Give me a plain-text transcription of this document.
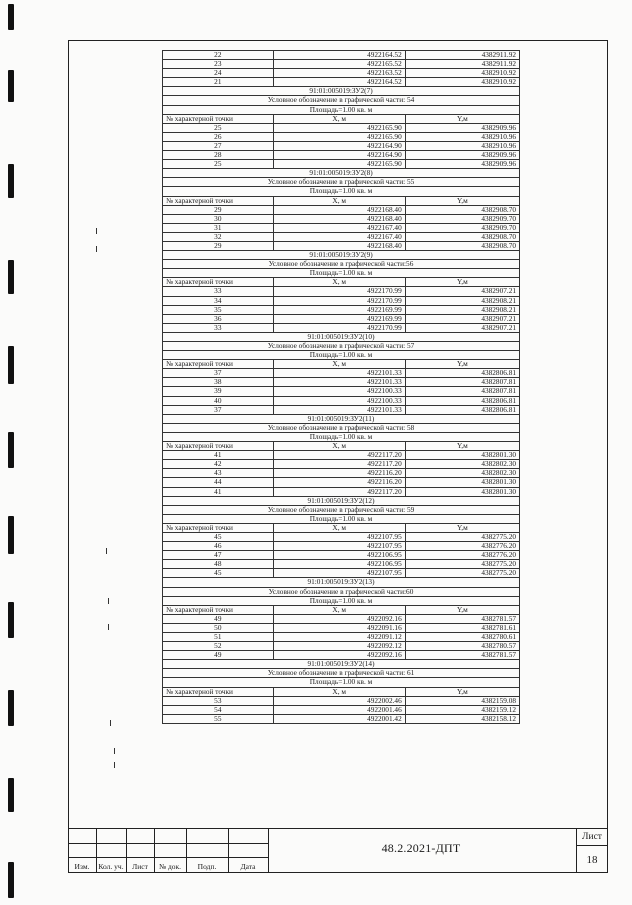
22	4922164.52	4382911.92
23	4922165.52	4382911.92
24	4922163.52	4382910.92
21	4922164.52	4382910.92
91:01:005019:ЗУ2(7)		
Условное обозначение в графической части: 54		
Площадь=1.00 кв. м		
№ характерной точки	X, м	Y,м
25	4922165.90	4382909.96
26	4922165.90	4382910.96
27	4922164.90	4382910.96
28	4922164.90	4382909.96
25	4922165.90	4382909.96
91:01:005019:ЗУ2(8)		
Условное обозначение в графической части: 55		
Площадь=1.00 кв. м		
№ характерной точки	X, м	Y,м
29	4922168.40	4382908.70
30	4922168.40	4382909.70
31	4922167.40	4382909.70
32	4922167.40	4382908.70
29	4922168.40	4382908.70
91:01:005019:ЗУ2(9)		
Условное обозначение в графической части:56		
Площадь=1.00 кв. м		
№ характерной точки	X, м	Y,м
33	4922170.99	4382907.21
34	4922170.99	4382908.21
35	4922169.99	4382908.21
36	4922169.99	4382907.21
33	4922170.99	4382907.21
91:01:005019:ЗУ2(10)		
Условное обозначение в графической части: 57		
Площадь=1.00 кв. м		
№ характерной точки	X, м	Y,м
37	4922101.33	4382806.81
38	4922101.33	4382807.81
39	4922100.33	4382807.81
40	4922100.33	4382806.81
37	4922101.33	4382806.81
91:01:005019:ЗУ2(11)		
Условное обозначение в графической части: 58		
Площадь=1.00 кв. м		
№ характерной точки	X, м	Y,м
41	4922117.20	4382801.30
42	4922117.20	4382802.30
43	4922116.20	4382802.30
44	4922116.20	4382801.30
41	4922117.20	4382801.30
91:01:005019:ЗУ2(12)		
Условное обозначение в графической части: 59		
Площадь=1.00 кв. м		
№ характерной точки	X, м	Y,м
45	4922107.95	4382775.20
46	4922107.95	4382776.20
47	4922106.95	4382776.20
48	4922106.95	4382775.20
45	4922107.95	4382775.20
91:01:005019:ЗУ2(13)		
Условное обозначение в графической части:60		
Площадь=1.00 кв. м		
№ характерной точки	X, м	Y,м
49	4922092.16	4382781.57
50	4922091.16	4382781.61
51	4922091.12	4382780.61
52	4922092.12	4382780.57
49	4922092.16	4382781.57
91:01:005019:ЗУ2(14)		
Условное обозначение в графической части: 61		
Площадь=1.00 кв. м		
№ характерной точки	X, м	Y,м
53	4922002.46	4382159.08
54	4922001.46	4382159.12
55	4922001.42	4382158.12
Изм.	Кол. уч.	Лист	№ док.	Подп.	Дата
48.2.2021-ДПТ
Лист
18
